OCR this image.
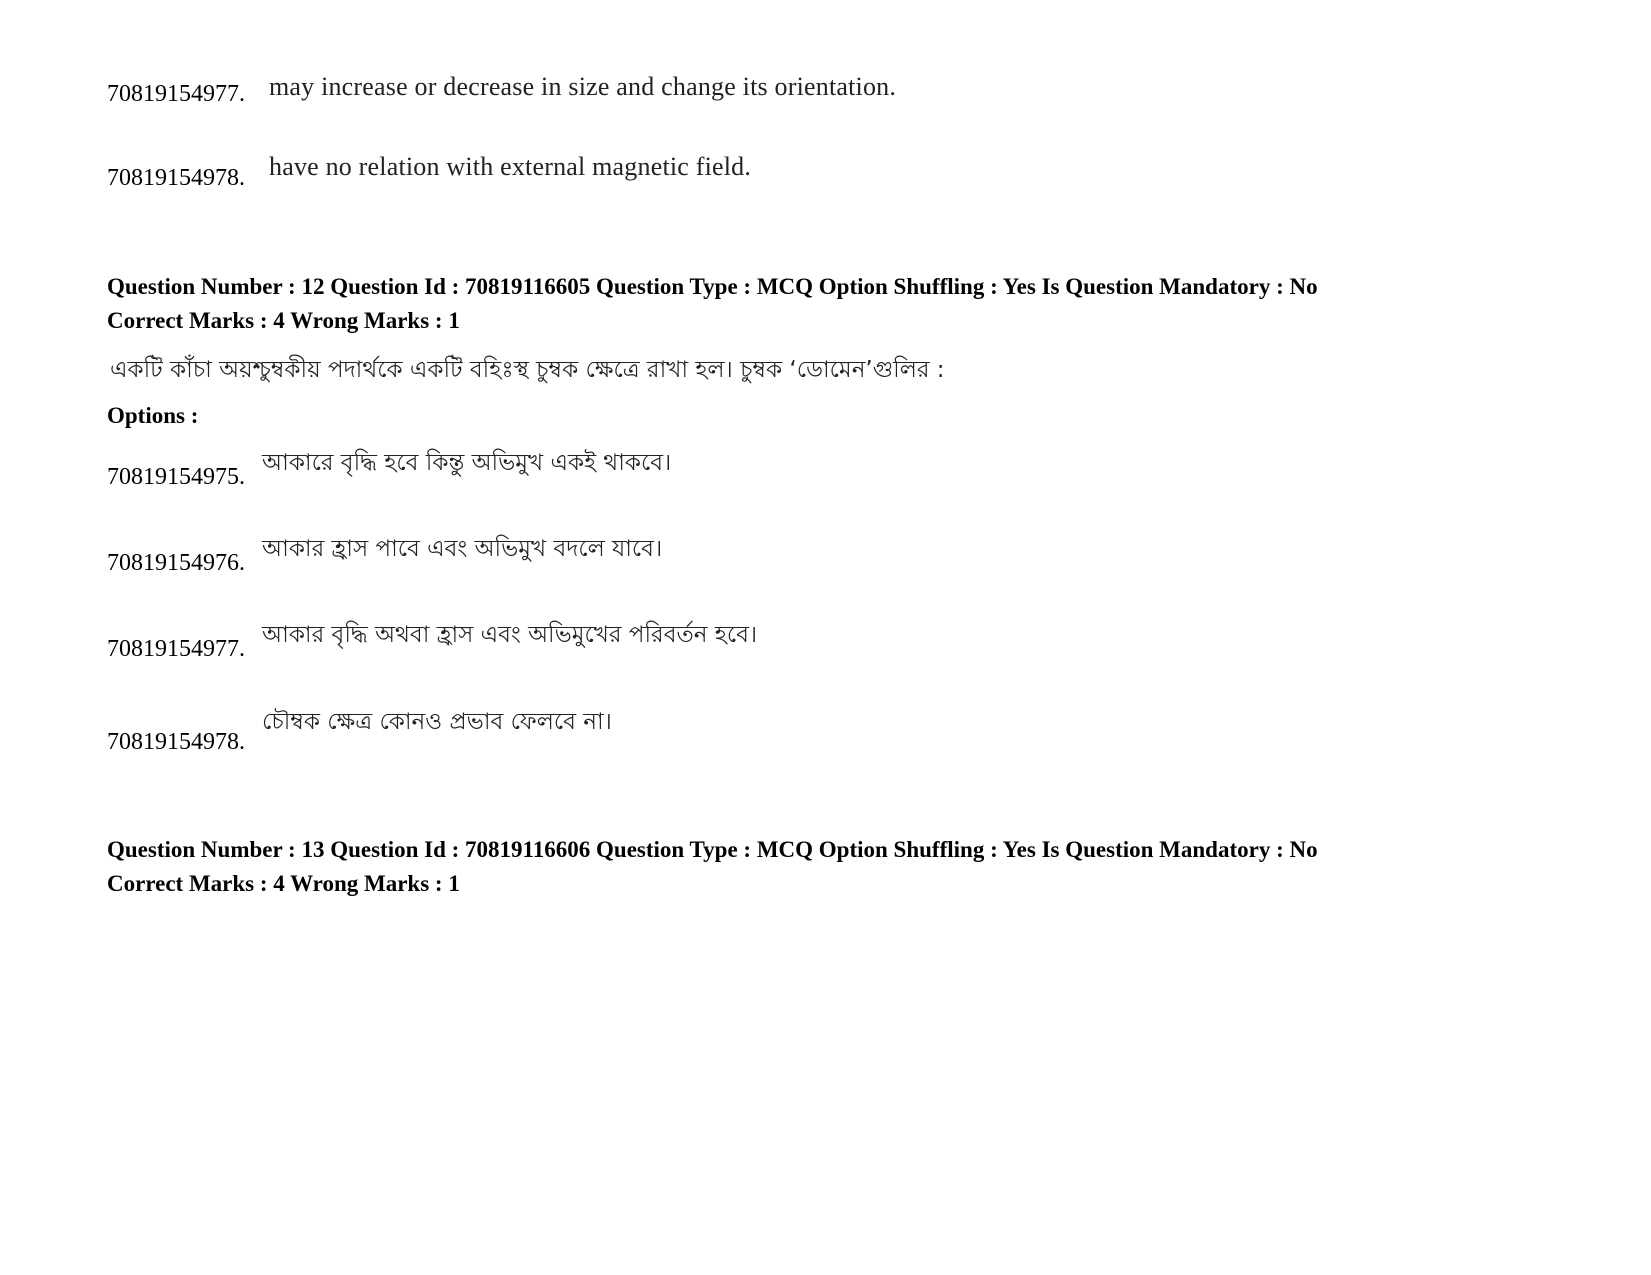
70819154977. may increase or decrease in size and change its orientation.
70819154978. have no relation with external magnetic field.
Question Number : 12 Question Id : 70819116605 Question Type : MCQ Option Shuffling : Yes Is Question Mandatory : No
Correct Marks : 4 Wrong Marks : 1
একটি কাঁচা অয়শ্চুম্বকীয় পদার্থকে একটি বহিঃস্থ চুম্বক ক্ষেত্রে রাখা হল। চুম্বক ‘ডোমেন’গুলির :
Options :
70819154975.
আকারে বৃদ্ধি হবে কিন্তু অভিমুখ একই থাকবে।
70819154976.
আকার হ্রাস পাবে এবং অভিমুখ বদলে যাবে।
70819154977.
আকার বৃদ্ধি অথবা হ্রাস এবং অভিমুখের পরিবর্তন হবে।
70819154978.
চৌম্বক ক্ষেত্র কোনও প্রভাব ফেলবে না।
Question Number : 13 Question Id : 70819116606 Question Type : MCQ Option Shuffling : Yes Is Question Mandatory : No
Correct Marks : 4 Wrong Marks : 1
